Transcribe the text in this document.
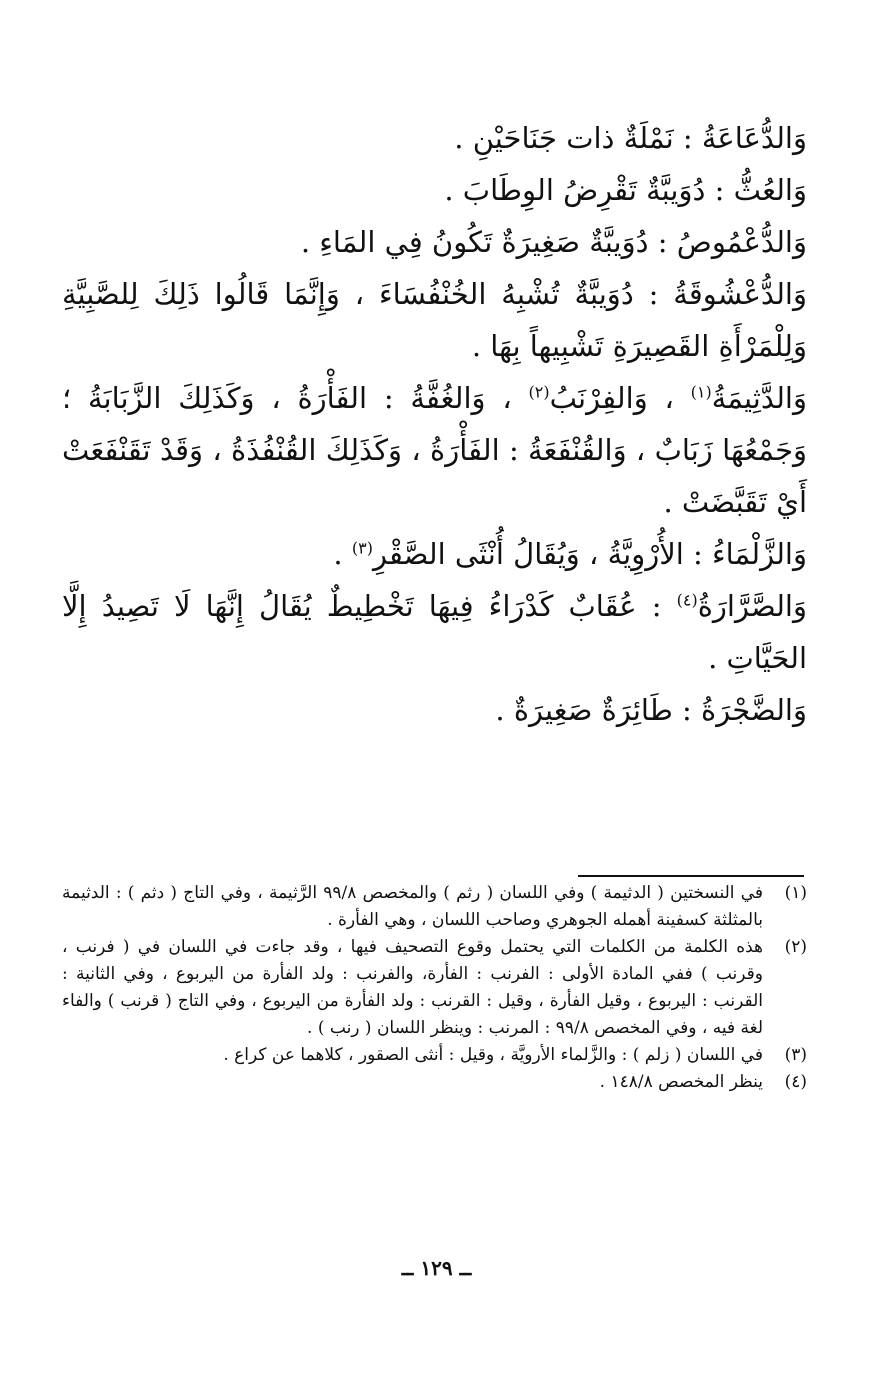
وَالدُّعَاعَةُ : نَمْلَةٌ ذات جَنَاحَيْنِ .

وَالعُثُّ : دُوَيبَّةٌ تَقْرِضُ الوِطَابَ .

وَالدُّعْمُوصُ : دُوَيبَّةٌ صَغِيرَةٌ تَكُونُ فِي المَاءِ .

وَالدُّعْشُوقَةُ : دُوَيبَّةٌ تُشْبِهُ الخُنْفُسَاءَ ، وَإِنَّمَا قَالُوا ذَلِكَ لِلصَّبِيَّةِ وَلِلْمَرْأَةِ القَصِيرَةِ تَشْبِيهاً بِهَا .

وَالدَّثِيمَةُ$^{(١)}$ ، وَالفِرْنَبُ$^{(٢)}$ ، وَالغُفَّةُ : الفَأْرَةُ ، وَكَذَلِكَ الزَّبَابَةُ ؛ وَجَمْعُهَا زَبَابٌ ، وَالقُنْفَعَةُ : الفَأْرَةُ ، وَكَذَلِكَ القُنْفُذَةُ ، وَقَدْ تَقَنْفَعَتْ أَيْ تَقَبَّضَتْ .

وَالزَّلْمَاءُ : الأُرْوِيَّةُ ، وَيُقَالُ أُنْثَى الصَّقْرِ$^{(٣)}$ .

وَالصَّرَّارَةُ$^{(٤)}$ : عُقَابٌ كَدْرَاءُ فِيهَا تَخْطِيطٌ يُقَالُ إِنَّهَا لَا تَصِيدُ إِلَّا الحَيَّاتِ .

وَالضَّجْرَةُ : طَائِرَةٌ صَغِيرَةٌ .

(١)
في النسختين ( الدثيمة ) وفي اللسان ( رثم ) والمخصص ٩٩/٨ الرَّثيمة ، وفي التاج ( دثم ) : الدثيمة بالمثلثة كسفينة أهمله الجوهري وصاحب اللسان ، وهي الفأرة .
(٢)
هذه الكلمة من الكلمات التي يحتمل وقوع التصحيف فيها ، وقد جاءت في اللسان في ( فرنب ، وقرنب ) ففي المادة الأولى : الفرنب : الفأرة، والفرنب : ولد الفأرة من اليربوع ، وفي الثانية : القرنب : اليربوع ، وقيل الفأرة ، وقيل : القرنب : ولد الفأرة من اليربوع ، وفي التاج ( قرنب ) والفاء لغة فيه ، وفي المخصص ٩٩/٨ : المرنب : وينظر اللسان ( رنب ) .
(٣)
في اللسان ( زلم ) : والزَّلماء الأرويَّة ، وقيل : أنثى الصقور ، كلاهما عن كراع .
(٤)
ينظر المخصص ١٤٨/٨ .
ــ ١٢٩ ــ
